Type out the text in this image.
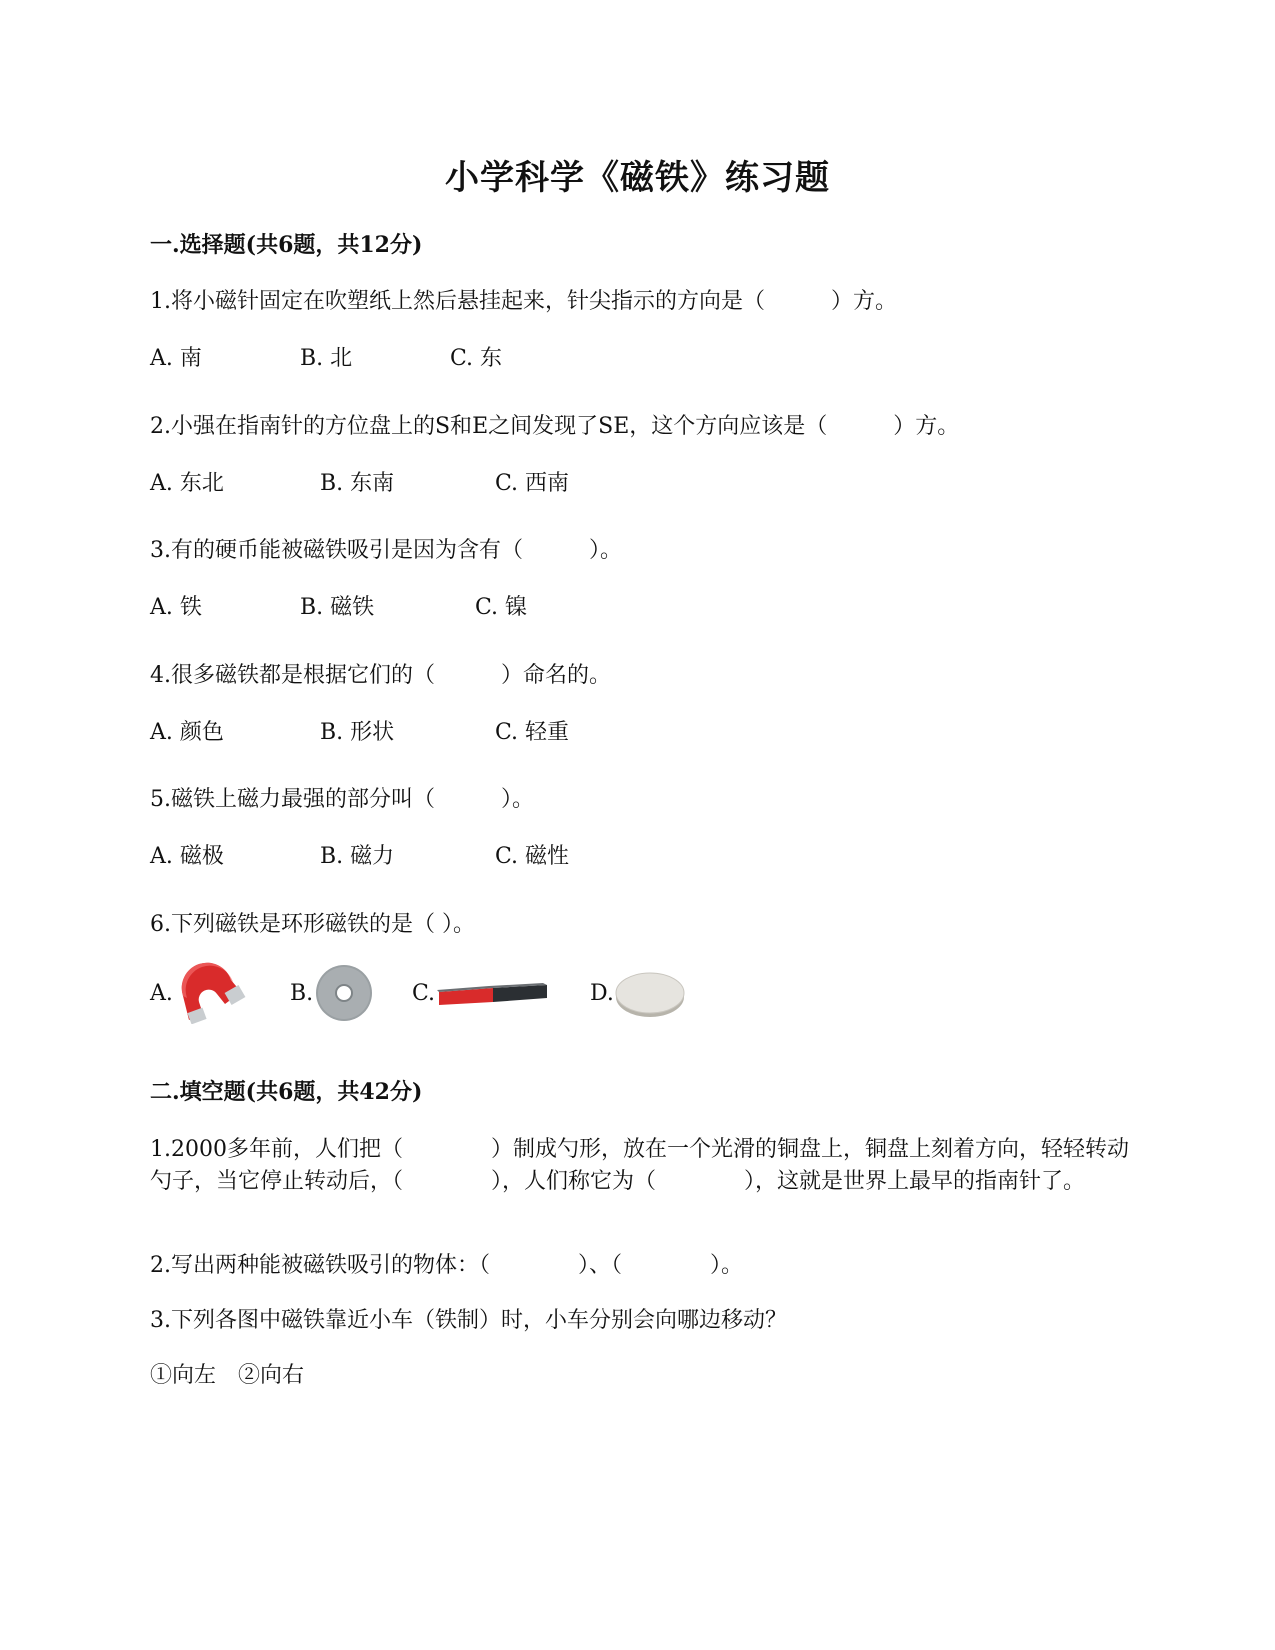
小学科学《磁铁》练习题
一.选择题(共6题，共12分)
1.将小磁针固定在吹塑纸上然后悬挂起来，针尖指示的方向是（　　　）方。
A. 南	B. 北	C. 东
2.小强在指南针的方位盘上的S和E之间发现了SE，这个方向应该是（　　　）方。
A. 东北	B. 东南	C. 西南
3.有的硬币能被磁铁吸引是因为含有（　　　）。
A. 铁	B. 磁铁	C. 镍
4.很多磁铁都是根据它们的（　　　）命名的。
A. 颜色	B. 形状	C. 轻重
5.磁铁上磁力最强的部分叫（　　　）。
A. 磁极	B. 磁力	C. 磁性
6.下列磁铁是环形磁铁的是（ ）。
A.	B.	C.	D.
二.填空题(共6题，共42分)
1.2000多年前，人们把（　　　　）制成勺形，放在一个光滑的铜盘上，铜盘上刻着方向，轻轻转动勺子，当它停止转动后，（　　　　），人们称它为（　　　　），这就是世界上最早的指南针了。
2.写出两种能被磁铁吸引的物体：（　　　　）、（　　　　）。
3.下列各图中磁铁靠近小车（铁制）时，小车分别会向哪边移动？
①向左　②向右
